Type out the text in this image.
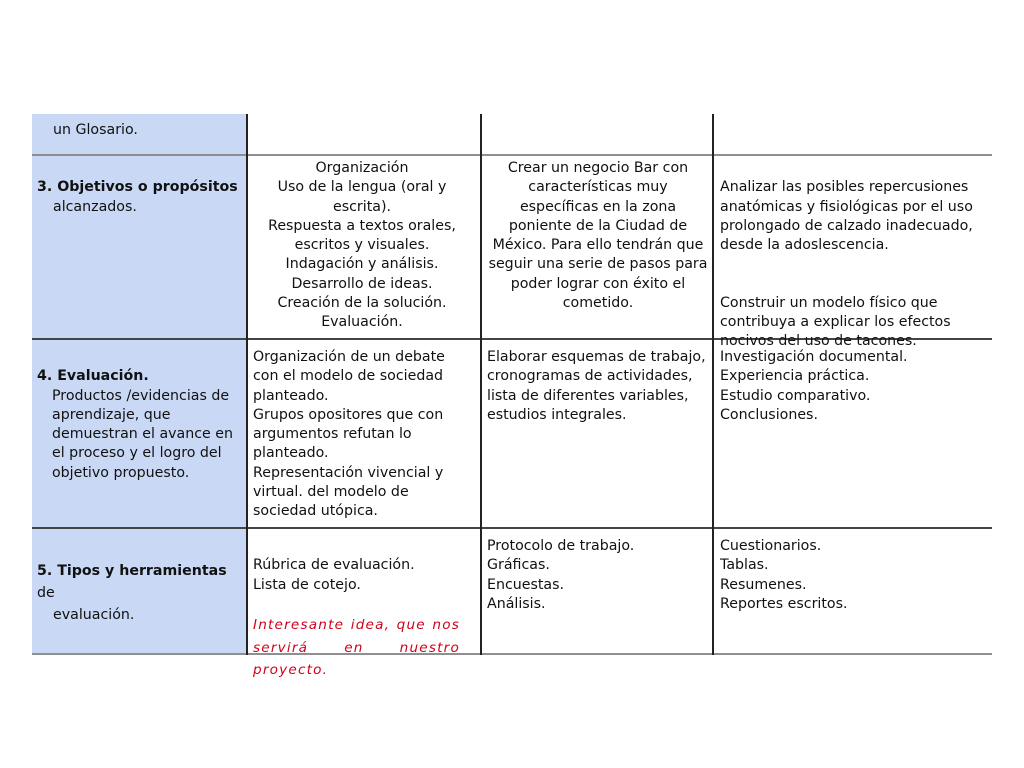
un Glosario.

3. Objetivos o propósitos

alcanzados.

Organización
Uso de la lengua (oral y escrita).
Respuesta a textos orales, escritos y visuales.
Indagación y análisis.
Desarrollo de ideas.
Creación de la solución.
Evaluación.
Crear un negocio Bar con características muy específicas en la zona poniente de la Ciudad de México. Para ello tendrán que seguir una serie de pasos para poder lograr con éxito el cometido.

Analizar las posibles repercusiones anatómicas y fisiológicas por el uso prolongado de calzado inadecuado, desde la adoslescencia.

Construir un modelo físico que contribuya a explicar los efectos nocivos del uso de tacones.

4. Evaluación.

Productos /evidencias de aprendizaje, que demuestran el avance en el proceso y el logro del objetivo propuesto.

Organización de un debate con el modelo de sociedad planteado.
Grupos opositores que con argumentos refutan lo planteado.
Representación vivencial y virtual. del modelo de sociedad utópica.
Elaborar esquemas de trabajo, cronogramas de actividades, lista de diferentes variables, estudios integrales.
Investigación documental.
Experiencia práctica.
Estudio comparativo.
Conclusiones.

5. Tipos y herramientas de

evaluación.

Rúbrica de evaluación.
Lista de cotejo.

Interesante idea, que nos servirá en nuestro proyecto.

Protocolo de trabajo.
Gráficas.
Encuestas.
Análisis.
Cuestionarios.
Tablas.
Resumenes.
Reportes escritos.
